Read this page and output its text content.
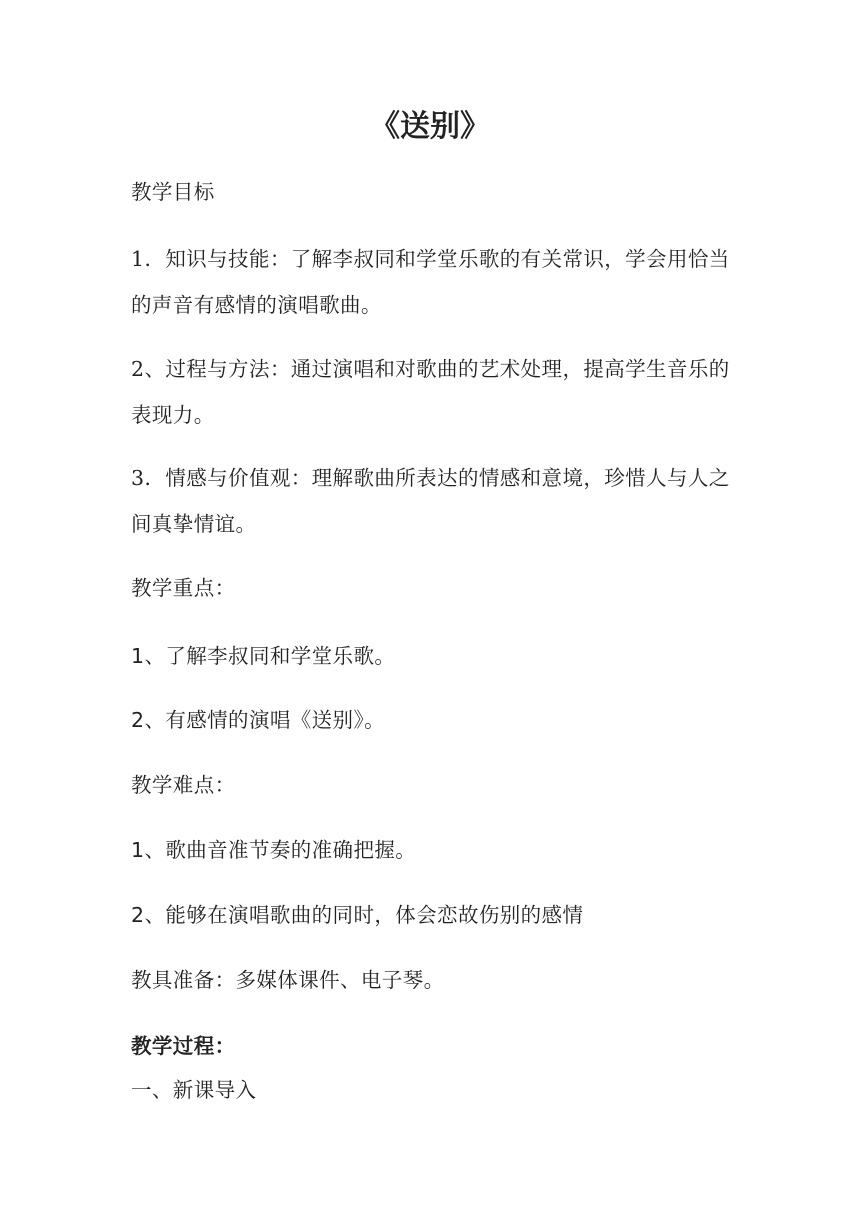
《送别》

教学目标

1．知识与技能：了解李叔同和学堂乐歌的有关常识，学会用恰当的声音有感情的演唱歌曲。

2、过程与方法：通过演唱和对歌曲的艺术处理，提高学生音乐的表现力。

3．情感与价值观：理解歌曲所表达的情感和意境，珍惜人与人之间真挚情谊。

教学重点：

1、了解李叔同和学堂乐歌。

2、有感情的演唱《送别》。

教学难点：

1、歌曲音准节奏的准确把握。

2、能够在演唱歌曲的同时，体会恋故伤别的感情

教具准备：多媒体课件、电子琴。

教学过程：

一、新课导入
